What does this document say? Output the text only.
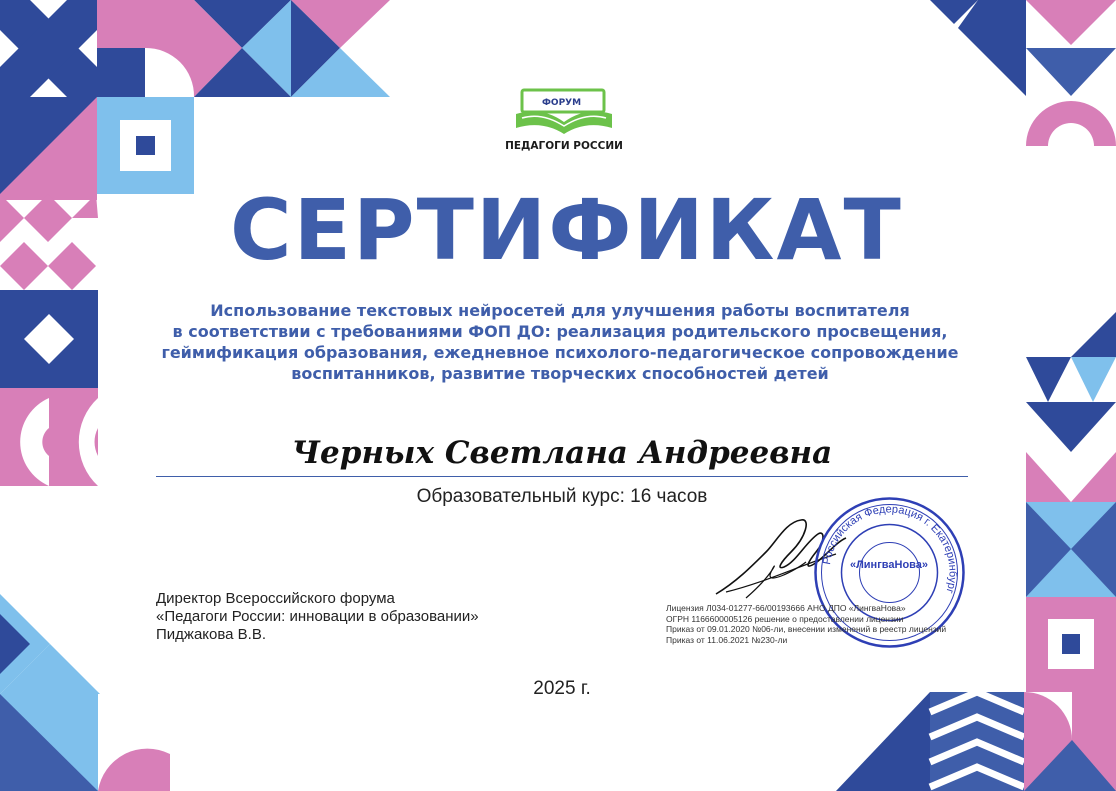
ФОРУМ
ПЕДАГОГИ РОССИИ
СЕРТИФИКАТ
Использование текстовых нейросетей для улучшения работы воспитателя
в соответствии с требованиями ФОП ДО: реализация родительского просвещения,
геймификация образования, ежедневное психолого-педагогическое сопровождение
воспитанников, развитие творческих способностей детей
Черных Светлана Андреевна
Образовательный курс: 16 часов
Директор Всероссийского форума
«Педагоги России: инновации в образовании»
Пиджакова В.В.
Российская Федерация г. Екатеринбург
«ЛингваНова»
Лицензия Л034-01277-66/00193666 АНО ДПО «ЛингваНова»
ОГРН 1166600005126 решение о предоставлении лицензии
Приказ от 09.01.2020 №06-ли, внесении изменений в реестр лицензий
Приказ от 11.06.2021 №230-ли
2025 г.
